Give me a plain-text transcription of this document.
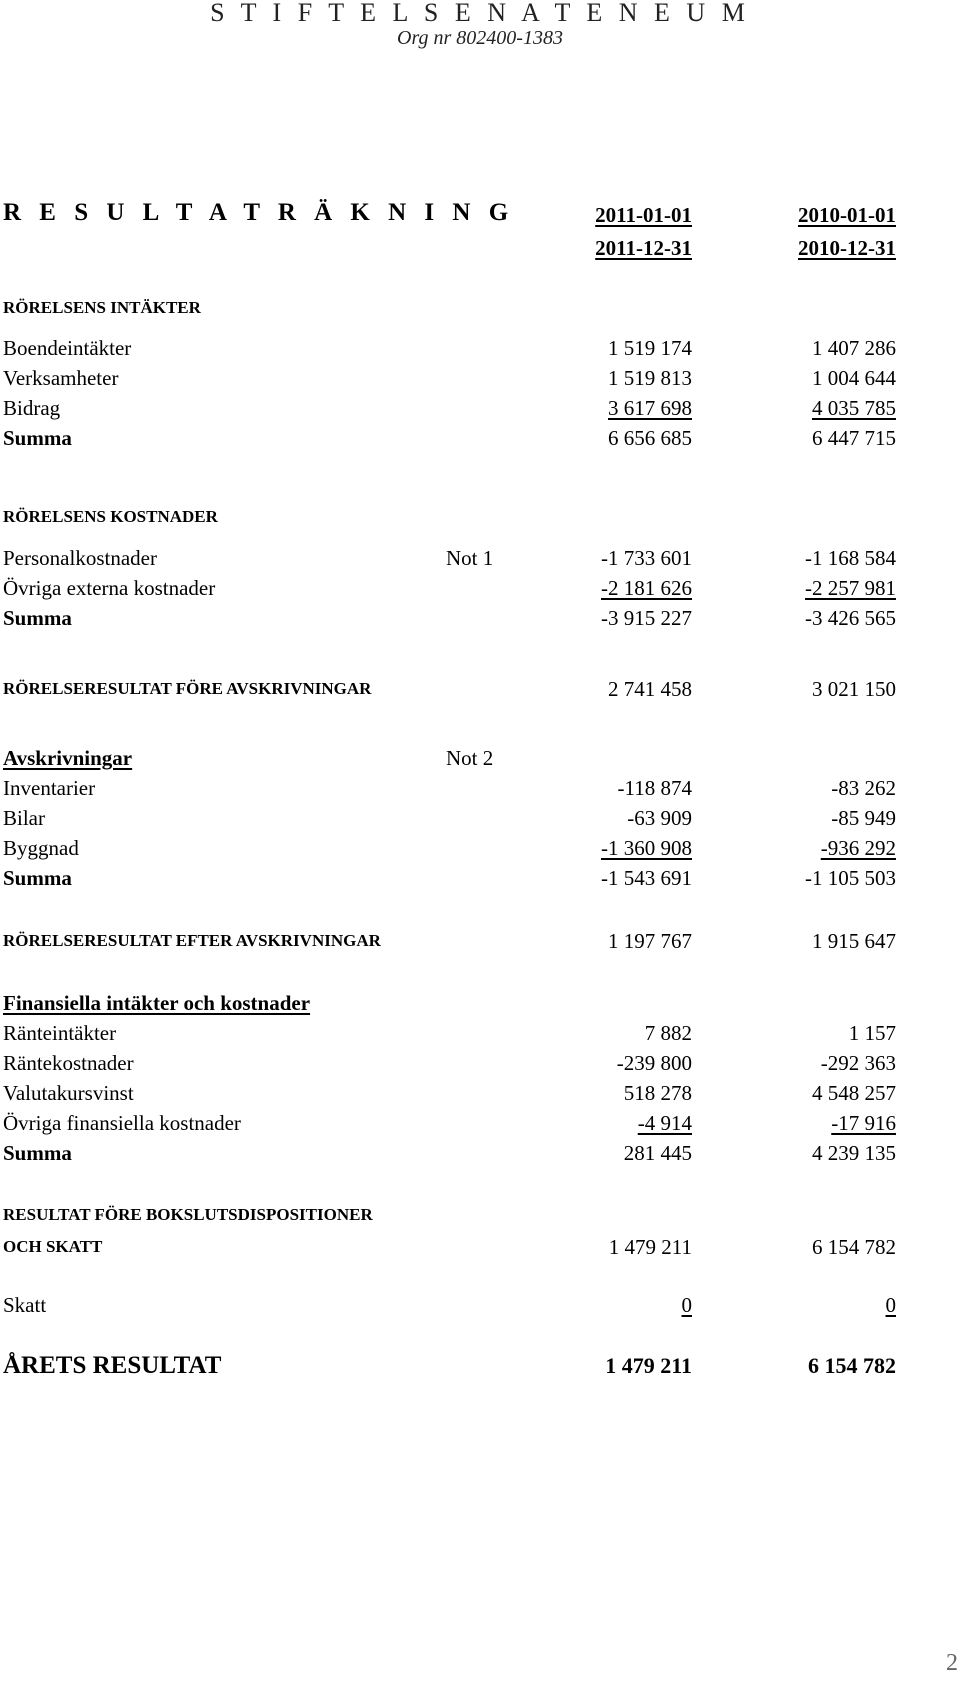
S T I F T E L S E N A T E N E U M
Org nr 802400-1383
R E S U L T A T R Ä K N I N G	2011-01-01	2010-01-01
2011-12-31	2010-12-31
RÖRELSENS INTÄKTER
Boendeintäkter	1 519 174	1 407 286
Verksamheter	1 519 813	1 004 644
Bidrag	3 617 698	4 035 785
Summa	6 656 685	6 447 715
RÖRELSENS KOSTNADER
Personalkostnader	Not 1	-1 733 601	-1 168 584
Övriga externa kostnader	-2 181 626	-2 257 981
Summa	-3 915 227	-3 426 565
RÖRELSERESULTAT FÖRE AVSKRIVNINGAR	2 741 458	3 021 150
Avskrivningar	Not 2
Inventarier	-118 874	-83 262
Bilar	-63 909	-85 949
Byggnad	-1 360 908	-936 292
Summa	-1 543 691	-1 105 503
RÖRELSERESULTAT EFTER AVSKRIVNINGAR	1 197 767	1 915 647
Finansiella intäkter och kostnader
Ränteintäkter	7 882	1 157
Räntekostnader	-239 800	-292 363
Valutakursvinst	518 278	4 548 257
Övriga finansiella kostnader	-4 914	-17 916
Summa	281 445	4 239 135
RESULTAT FÖRE BOKSLUTSDISPOSITIONER
OCH SKATT	1 479 211	6 154 782
Skatt	0	0
ÅRETS RESULTAT	1 479 211	6 154 782
2
